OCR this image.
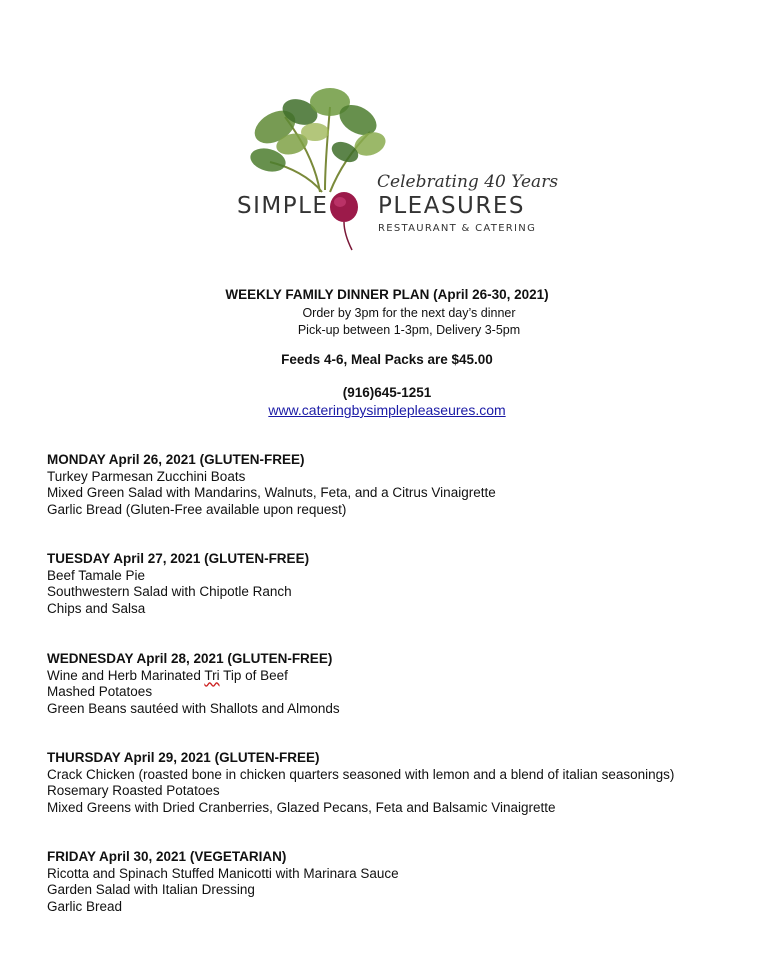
Celebrating 40 Years
SIMPLE PLEASURES
RESTAURANT & CATERING
WEEKLY FAMILY DINNER PLAN (April 26-30, 2021)
Order by 3pm for the next day’s dinner
Pick-up between 1-3pm, Delivery 3-5pm
Feeds 4-6, Meal Packs are $45.00
(916)645-1251
www.cateringbysimplepleaseures.com
MONDAY April 26, 2021 (GLUTEN-FREE)
Turkey Parmesan Zucchini Boats
Mixed Green Salad with Mandarins, Walnuts, Feta, and a Citrus Vinaigrette
Garlic Bread (Gluten-Free available upon request)
TUESDAY April 27, 2021 (GLUTEN-FREE)
Beef Tamale Pie
Southwestern Salad with Chipotle Ranch
Chips and Salsa
WEDNESDAY April 28, 2021 (GLUTEN-FREE)
Wine and Herb Marinated Tri Tip of Beef
Mashed Potatoes
Green Beans sautéed with Shallots and Almonds
THURSDAY April 29, 2021 (GLUTEN-FREE)
Crack Chicken (roasted bone in chicken quarters seasoned with lemon and a blend of italian seasonings)
Rosemary Roasted Potatoes
Mixed Greens with Dried Cranberries, Glazed Pecans, Feta and Balsamic Vinaigrette
FRIDAY April 30, 2021 (VEGETARIAN)
Ricotta and Spinach Stuffed Manicotti with Marinara Sauce
Garden Salad with Italian Dressing
Garlic Bread
